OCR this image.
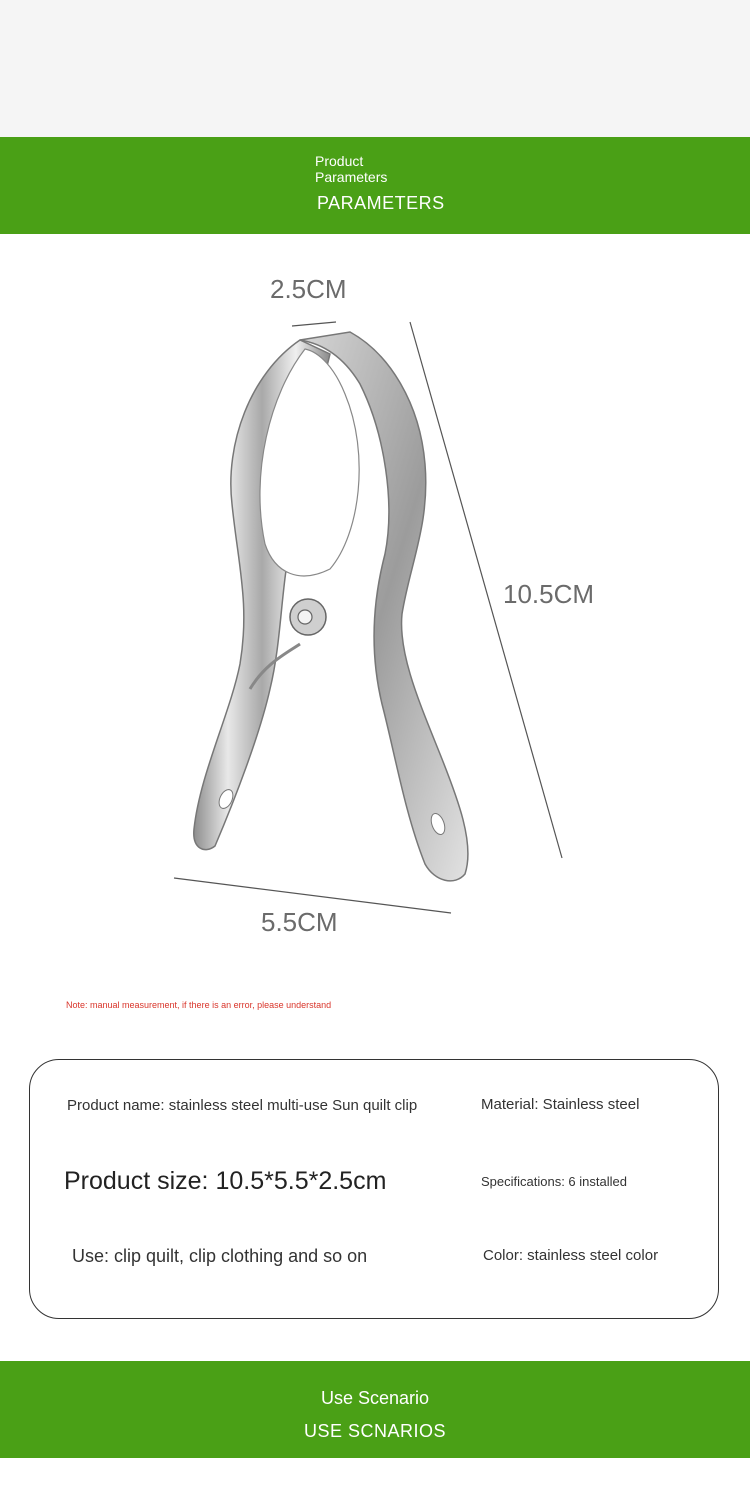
Product Parameters
PARAMETERS
2.5CM
10.5CM
5.5CM
Note: manual measurement, if there is an error, please understand
Product name: stainless steel multi-use Sun quilt clip	Material: Stainless steel
Product size: 10.5*5.5*2.5cm	Specifications: 6 installed
Use: clip quilt, clip clothing and so on	Color: stainless steel color
Use Scenario
USE SCNARIOS
